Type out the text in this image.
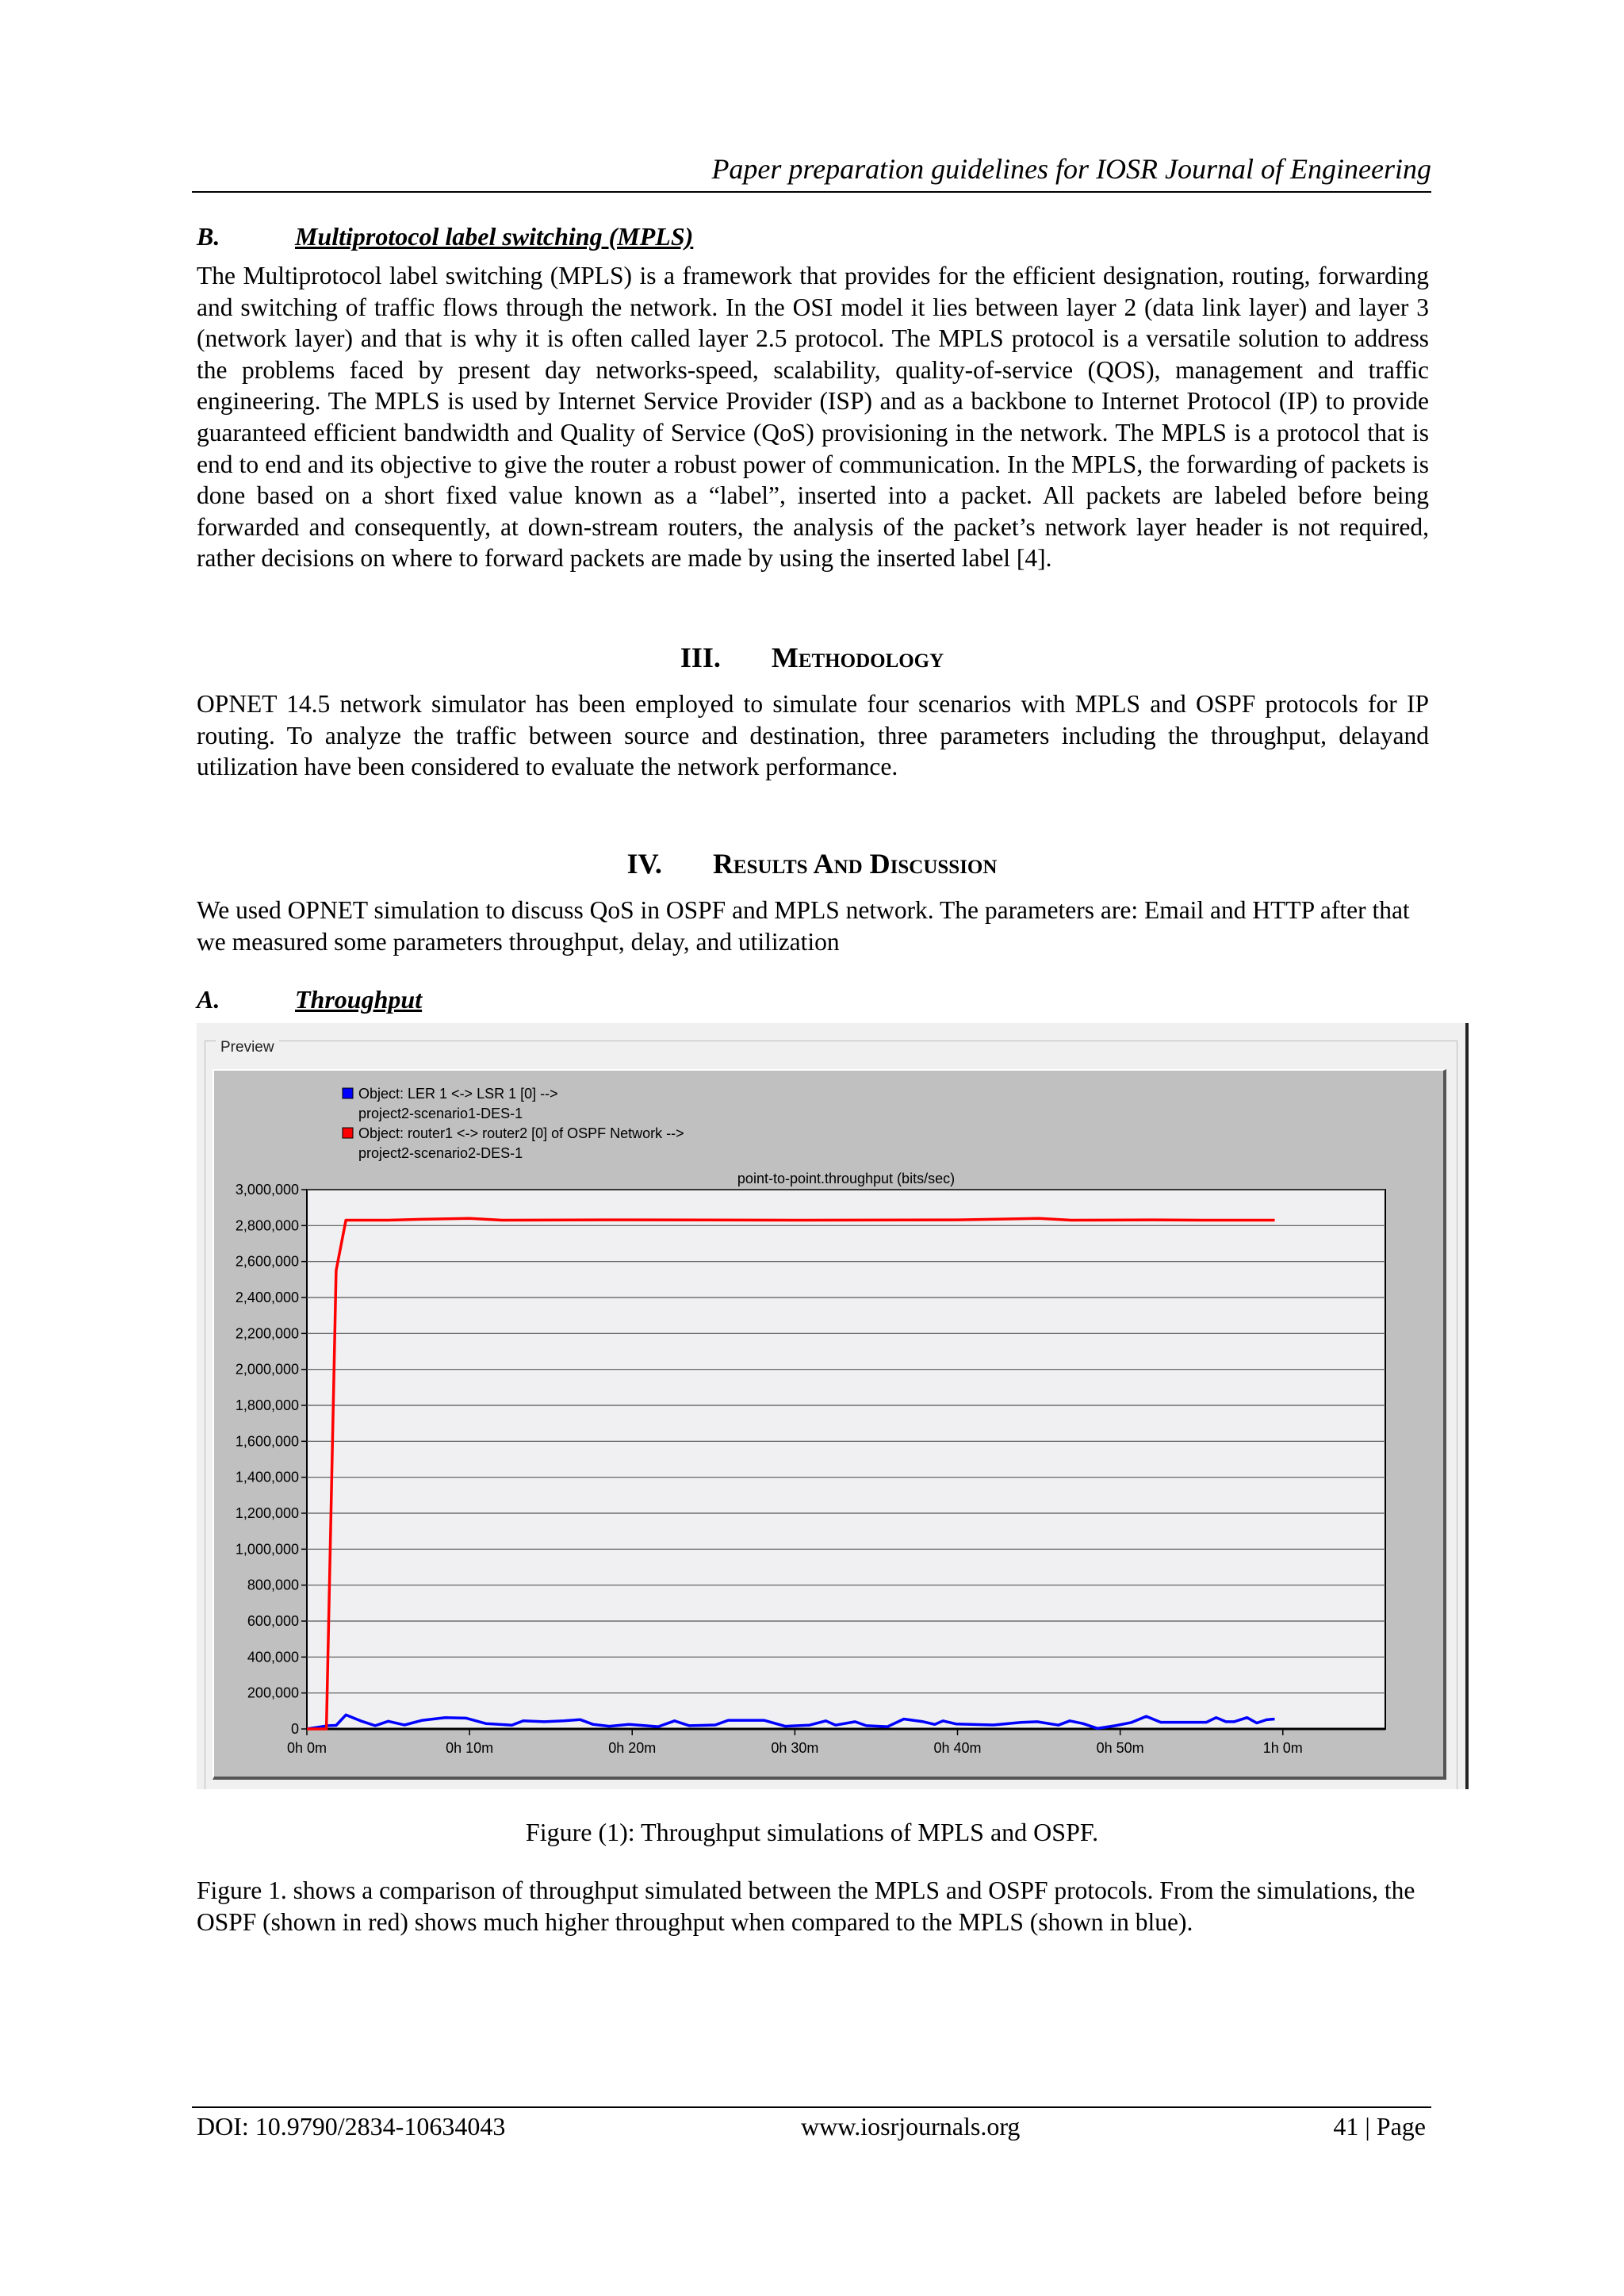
Paper preparation guidelines for IOSR Journal of Engineering
B.	Multiprotocol label switching (MPLS)
The Multiprotocol label switching (MPLS) is a framework that provides for the efficient designation, routing, forwarding and switching of traffic flows through the network. In the OSI model it lies between layer 2 (data link layer) and layer 3 (network layer) and that is why it is often called layer 2.5 protocol. The MPLS protocol is a versatile solution to address the problems faced by present day networks-speed, scalability, quality-of-service (QOS), management and traffic engineering. The MPLS is used by Internet Service Provider (ISP) and as a backbone to Internet Protocol (IP) to provide guaranteed efficient bandwidth and Quality of Service (QoS) provisioning in the network. The MPLS is a protocol that is end to end and its objective to give the router a robust power of communication. In the MPLS, the forwarding of packets is done based on a short fixed value known as a “label”, inserted into a packet. All packets are labeled before being forwarded and consequently, at down-stream routers, the analysis of the packet’s network layer header is not required, rather decisions on where to forward packets are made by using the inserted label [4].
III. Methodology
OPNET 14.5 network simulator has been employed to simulate four scenarios with MPLS and OSPF protocols for IP routing. To analyze the traffic between source and destination, three parameters including the throughput, delayand utilization have been considered to evaluate the network performance.
IV. Results And Discussion
We used OPNET simulation to discuss QoS in OSPF and MPLS network. The parameters are: Email and HTTP after that we measured some parameters throughput, delay, and utilization
A.	Throughput
Preview
0
200,000
400,000
600,000
800,000
1,000,000
1,200,000
1,400,000
1,600,000
1,800,000
2,000,000
2,200,000
2,400,000
2,600,000
2,800,000
3,000,000
0h 0m	0h 10m	0h 20m	0h 30m	0h 40m	0h 50m	1h 0m
point-to-point.throughput (bits/sec)
Object: LER 1 <-> LSR 1 [0] -->
project2-scenario1-DES-1
Object: router1 <-> router2 [0] of OSPF Network -->
project2-scenario2-DES-1
Figure (1): Throughput simulations of MPLS and OSPF.
Figure 1. shows a comparison of throughput simulated between the MPLS and OSPF protocols. From the simulations, the OSPF (shown in red) shows much higher throughput when compared to the MPLS (shown in blue).
DOI: 10.9790/2834-10634043	www.iosrjournals.org	41 | Page
